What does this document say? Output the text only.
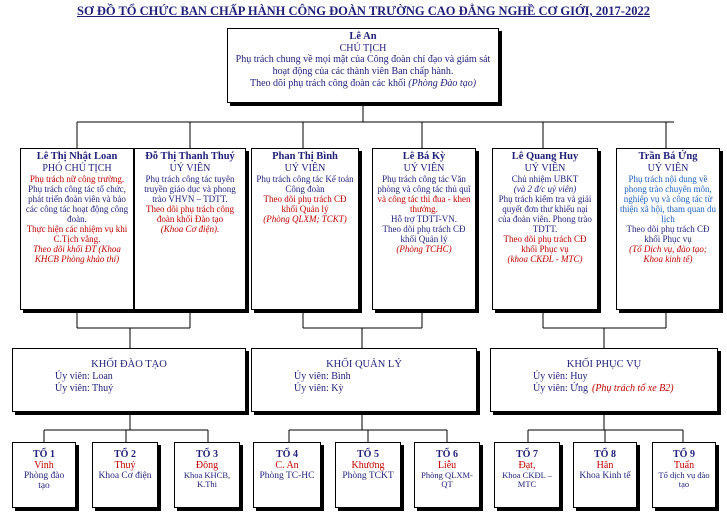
SƠ ĐỒ TỔ CHỨC BAN CHẤP HÀNH CÔNG ĐOÀN TRƯỜNG CAO ĐẲNG NGHỀ CƠ GIỚI, 2017-2022
Lê An
CHỦ TỊCH
Phụ trách chung về mọi mặt của Công đoàn chỉ đạo và giám sát hoạt động của các thành viên Ban chấp hành.
Theo dõi phụ trách công đoàn các khối (Phòng Đào tạo)
Lê Thị Nhật Loan
PHÓ CHỦ TỊCH
Phụ trách nữ công trường.
Phụ trách công tác tổ chức, phát triển đoàn viên và bảo các công tác hoạt động công đoàn.
Thực hiện các nhiệm vụ khi C.Tịch vắng.
Theo dõi khối ĐT (Khoa KHCB Phòng khảo thí)
Đỗ Thị Thanh Thuý
UỶ VIÊN
Phụ trách công tác tuyên truyền giáo dục và phong trào VHVN – TDTT.
Theo dõi phụ trách công đoàn khối Đào tạo
(Khoa Cơ điện).
Phan Thị Bình
UỶ VIÊN
Phụ trách công tác Kế toán Công đoàn
Theo dõi phụ trách CĐ khối Quản lý
(Phòng QLXM; TCKT)
Lê Bá Kỳ
UỶ VIÊN
Phụ trách công tác Văn phòng và công tác thủ quĩ
và công tác thi đua - khen thưởng.
Hỗ trợ TDTT-VN.
Theo dõi phụ trách CĐ khối Quản lý
(Phòng TCHC)
Lê Quang Huy
UỶ VIÊN
Chủ nhiệm UBKT
(và 2 đ/c uỷ viên)
Phụ trách kiểm tra và giải quyết đơn thư khiếu nại của đoàn viên. Phong trào TDTT.
Theo dõi phụ trách CĐ khối Phục vụ
(khoa CKĐL - MTC)
Trần Bá Ứng
UỶ VIÊN
Phụ trách nội dung về phong trào chuyên môn, nghiệp vụ và công tác từ thiện xã hội, tham quan du lịch
Theo dõi phụ trách CĐ khối Phục vụ
(Tổ Dịch vụ, đào tạo; Khoa kinh tế)
KHỐI ĐÀO TẠO
Ủy viên: Loan
Ủy viên: Thuý
KHỐI QUẢN LÝ
Ủy viên: Bình
Ủy viên: Kỳ
KHỐI PHỤC VỤ
Ủy viên: Huy
Ủy viên: Ứng (Phụ trách tổ xe B2)
TỔ 1
Vinh
Phòng đào tạo
TỔ 2
Thuý
Khoa Cơ điện
TỔ 3
Đông
Khoa KHCB, K.Thi
TỔ 4
C. An
Phòng TC-HC
TỔ 5
Khương
Phòng TCKT
TỔ 6
Liễu
Phòng QLXM-QT
TỔ 7
Đạt,
Khoa CKĐL – MTC
TỔ 8
Hân
Khoa Kinh tế
TỔ 9
Tuấn
Tổ dịch vụ đào tạo
